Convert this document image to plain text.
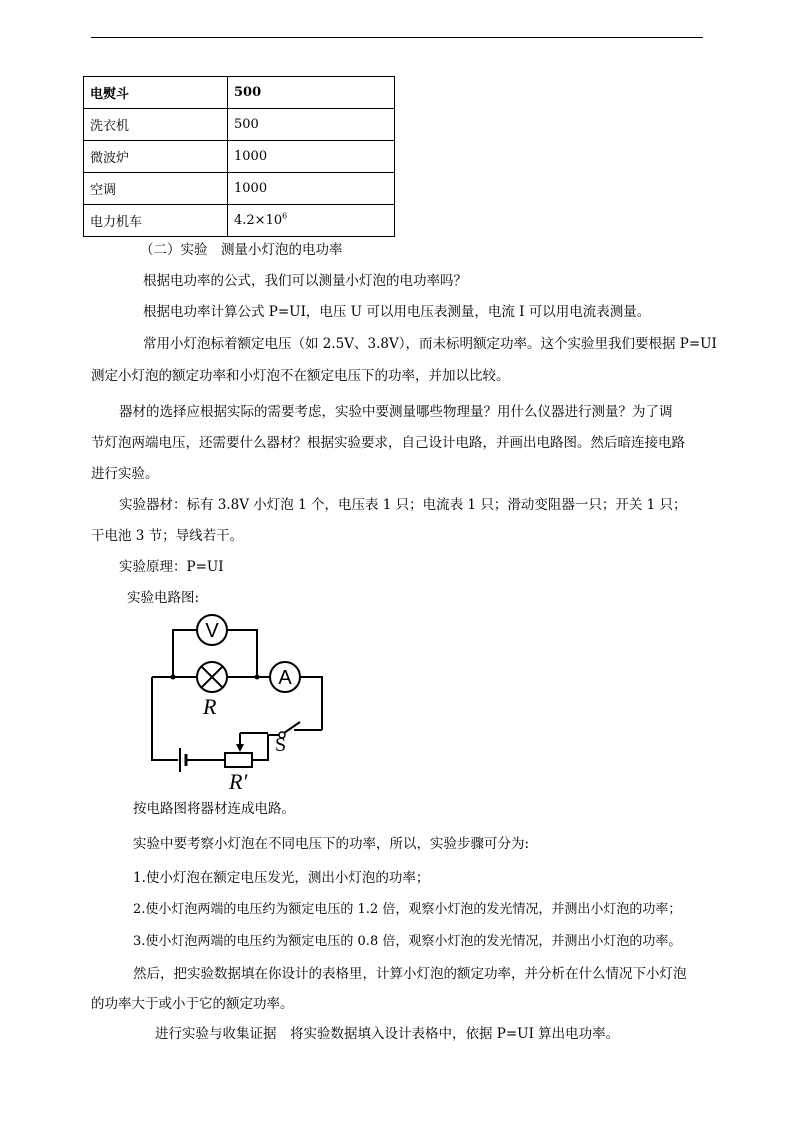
电熨斗	500
洗衣机	500
微波炉	1000
空调	1000
电力机车	$4.2\times 10^6$
（二）实验　测量小灯泡的电功率
根据电功率的公式，我们可以测量小灯泡的电功率吗？
根据电功率计算公式 P=UI，电压 U 可以用电压表测量，电流 I 可以用电流表测量。
常用小灯泡标着额定电压（如 2.5V、3.8V），而未标明额定功率。这个实验里我们要根据 P=UI
测定小灯泡的额定功率和小灯泡不在额定电压下的功率，并加以比较。
器材的选择应根据实际的需要考虑，实验中要测量哪些物理量？用什么仪器进行测量？为了调
节灯泡两端电压，还需要什么器材？根据实验要求，自己设计电路，并画出电路图。然后暗连接电路
进行实验。
实验器材：标有 3.8V 小灯泡 1 个，电压表 1 只；电流表 1 只；滑动变阻器一只；开关 1 只；
干电池 3 节；导线若干。
实验原理：P=UI
实验电路图:
V
A
R
S
R′
按电路图将器材连成电路。
实验中要考察小灯泡在不同电压下的功率，所以，实验步骤可分为:
1.使小灯泡在额定电压发光，测出小灯泡的功率；
2.使小灯泡两端的电压约为额定电压的 1.2 倍，观察小灯泡的发光情况，并测出小灯泡的功率；
3.使小灯泡两端的电压约为额定电压的 0.8 倍，观察小灯泡的发光情况，并测出小灯泡的功率。
然后，把实验数据填在你设计的表格里，计算小灯泡的额定功率，并分析在什么情况下小灯泡
的功率大于或小于它的额定功率。
进行实验与收集证据　将实验数据填入设计表格中，依据 P=UI 算出电功率。
